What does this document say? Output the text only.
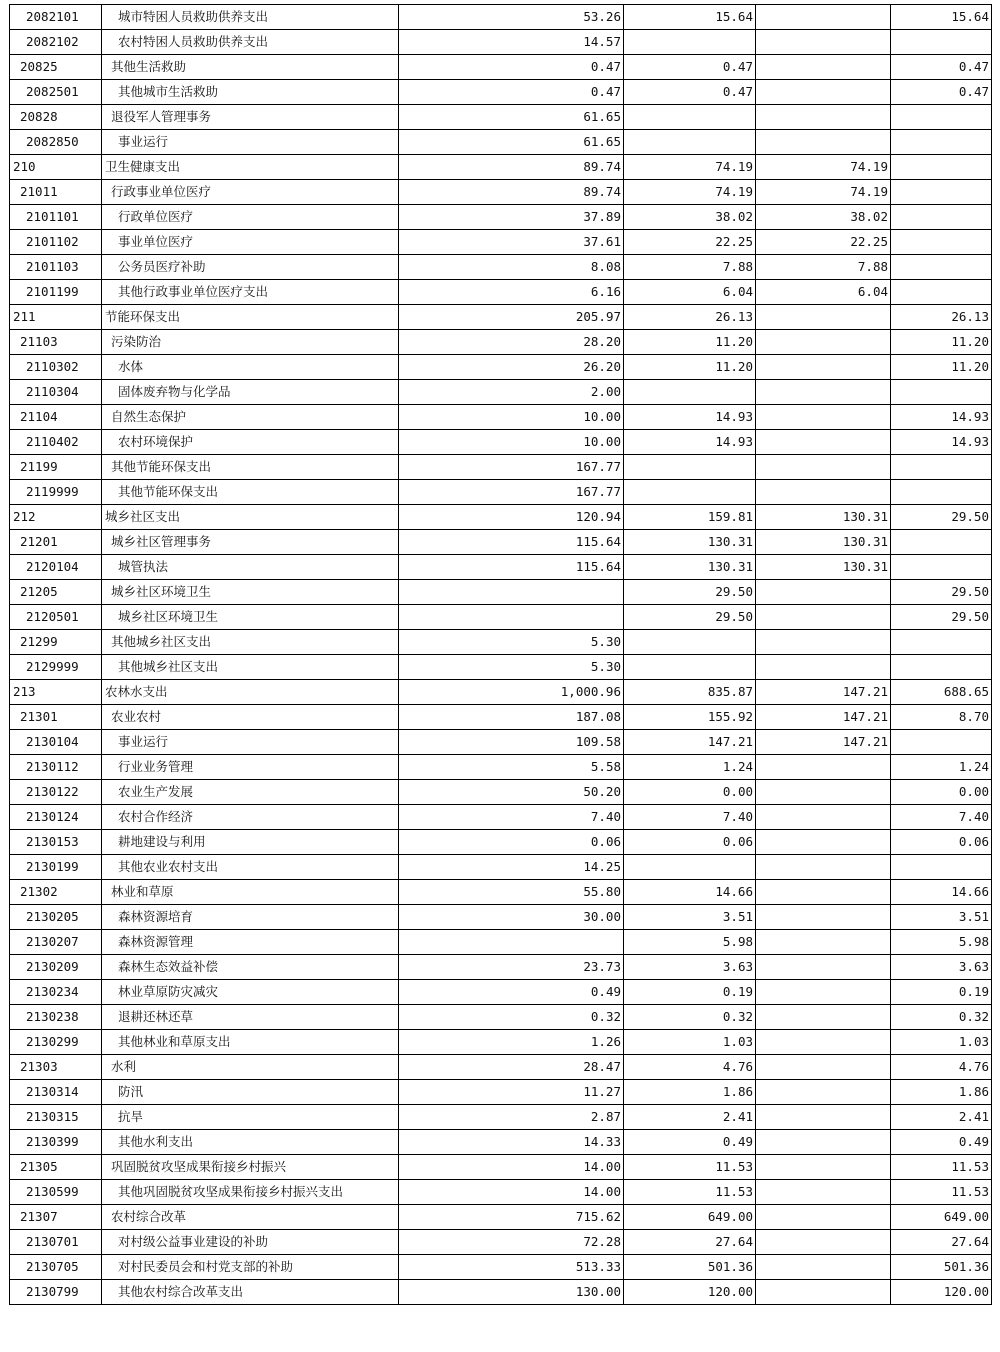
2082101	城市特困人员救助供养支出	53.26	15.64		15.64
2082102	农村特困人员救助供养支出	14.57			
20825	其他生活救助	0.47	0.47		0.47
2082501	其他城市生活救助	0.47	0.47		0.47
20828	退役军人管理事务	61.65			
2082850	事业运行	61.65			
210	卫生健康支出	89.74	74.19	74.19	
21011	行政事业单位医疗	89.74	74.19	74.19	
2101101	行政单位医疗	37.89	38.02	38.02	
2101102	事业单位医疗	37.61	22.25	22.25	
2101103	公务员医疗补助	8.08	7.88	7.88	
2101199	其他行政事业单位医疗支出	6.16	6.04	6.04	
211	节能环保支出	205.97	26.13		26.13
21103	污染防治	28.20	11.20		11.20
2110302	水体	26.20	11.20		11.20
2110304	固体废弃物与化学品	2.00			
21104	自然生态保护	10.00	14.93		14.93
2110402	农村环境保护	10.00	14.93		14.93
21199	其他节能环保支出	167.77			
2119999	其他节能环保支出	167.77			
212	城乡社区支出	120.94	159.81	130.31	29.50
21201	城乡社区管理事务	115.64	130.31	130.31	
2120104	城管执法	115.64	130.31	130.31	
21205	城乡社区环境卫生		29.50		29.50
2120501	城乡社区环境卫生		29.50		29.50
21299	其他城乡社区支出	5.30			
2129999	其他城乡社区支出	5.30			
213	农林水支出	1,000.96	835.87	147.21	688.65
21301	农业农村	187.08	155.92	147.21	8.70
2130104	事业运行	109.58	147.21	147.21	
2130112	行业业务管理	5.58	1.24		1.24
2130122	农业生产发展	50.20	0.00		0.00
2130124	农村合作经济	7.40	7.40		7.40
2130153	耕地建设与利用	0.06	0.06		0.06
2130199	其他农业农村支出	14.25			
21302	林业和草原	55.80	14.66		14.66
2130205	森林资源培育	30.00	3.51		3.51
2130207	森林资源管理		5.98		5.98
2130209	森林生态效益补偿	23.73	3.63		3.63
2130234	林业草原防灾减灾	0.49	0.19		0.19
2130238	退耕还林还草	0.32	0.32		0.32
2130299	其他林业和草原支出	1.26	1.03		1.03
21303	水利	28.47	4.76		4.76
2130314	防汛	11.27	1.86		1.86
2130315	抗旱	2.87	2.41		2.41
2130399	其他水利支出	14.33	0.49		0.49
21305	巩固脱贫攻坚成果衔接乡村振兴	14.00	11.53		11.53
2130599	其他巩固脱贫攻坚成果衔接乡村振兴支出	14.00	11.53		11.53
21307	农村综合改革	715.62	649.00		649.00
2130701	对村级公益事业建设的补助	72.28	27.64		27.64
2130705	对村民委员会和村党支部的补助	513.33	501.36		501.36
2130799	其他农村综合改革支出	130.00	120.00		120.00
